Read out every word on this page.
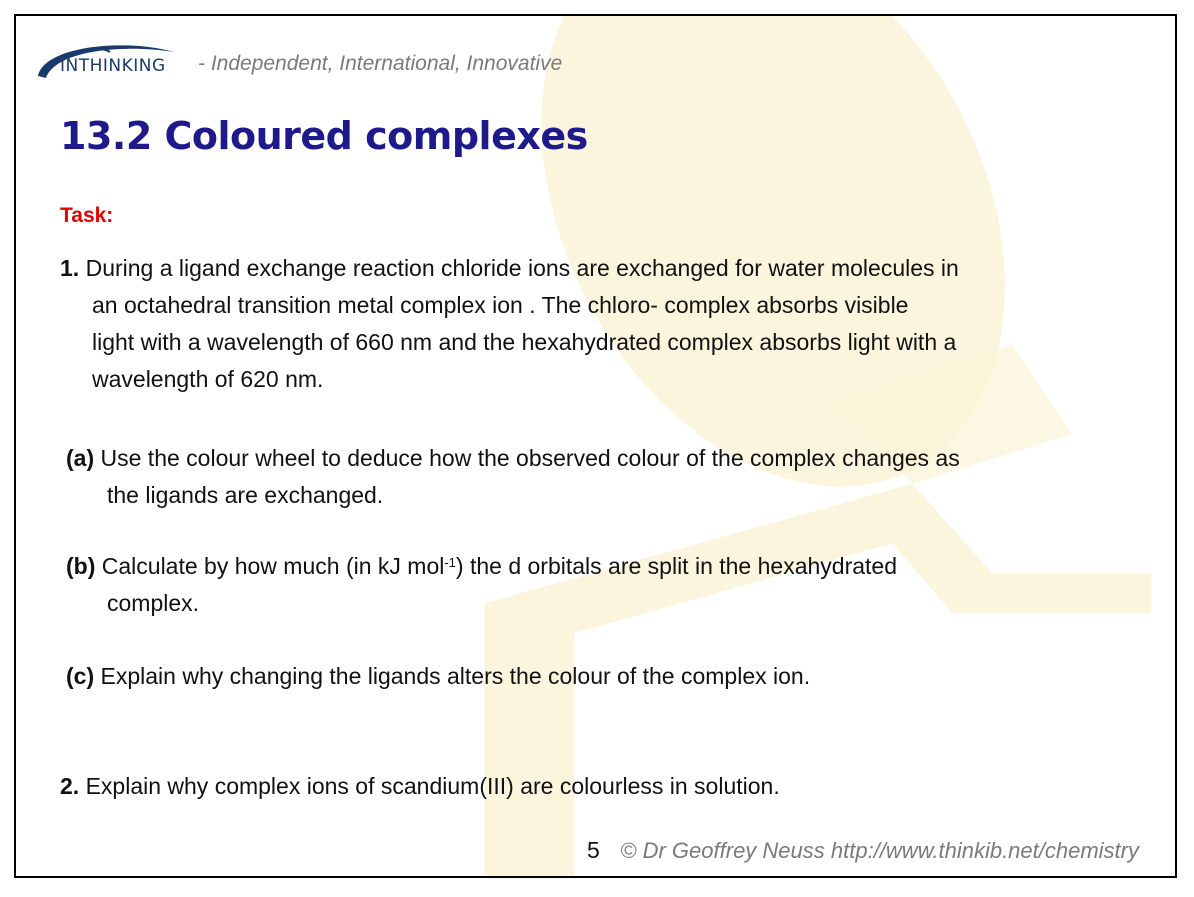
INTHINKING - Independent, International, Innovative
13.2 Coloured complexes
Task:
1. During a ligand exchange reaction chloride ions are exchanged for water molecules in
an octahedral transition metal complex ion . The chloro- complex absorbs visible
light with a wavelength of 660 nm and the hexahydrated complex absorbs light with a
wavelength of 620 nm.
(a) Use the colour wheel to deduce how the observed colour of the complex changes as
the ligands are exchanged.
(b) Calculate by how much (in kJ mol$^{-1}$) the d orbitals are split in the hexahydrated
complex.
(c) Explain why changing the ligands alters the colour of the complex ion.
2. Explain why complex ions of scandium(III) are colourless in solution.
5 © Dr Geoffrey Neuss http://www.thinkib.net/chemistry
